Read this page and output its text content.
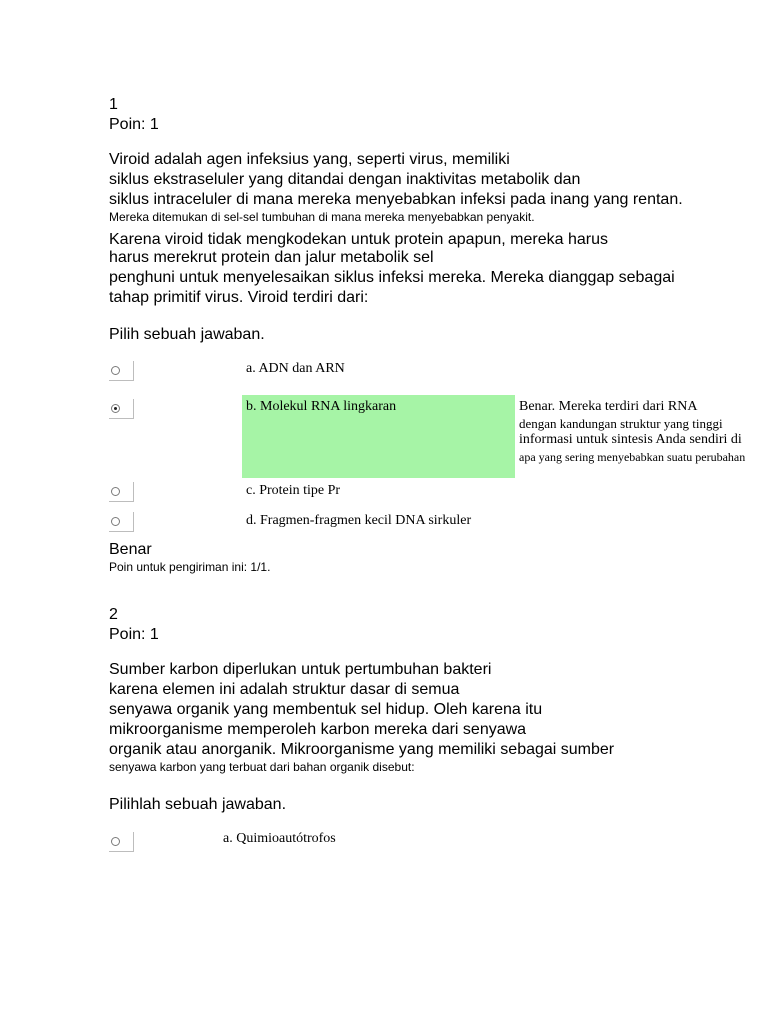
1
Poin: 1
Viroid adalah agen infeksius yang, seperti virus, memiliki
siklus ekstraseluler yang ditandai dengan inaktivitas metabolik dan
siklus intraceluler di mana mereka menyebabkan infeksi pada inang yang rentan.
Mereka ditemukan di sel-sel tumbuhan di mana mereka menyebabkan penyakit.
Karena viroid tidak mengkodekan untuk protein apapun, mereka harus
harus merekrut protein dan jalur metabolik sel
penghuni untuk menyelesaikan siklus infeksi mereka. Mereka dianggap sebagai
tahap primitif virus. Viroid terdiri dari:
Pilih sebuah jawaban.
a. ADN dan ARN
b. Molekul RNA lingkaran	Benar. Mereka terdiri dari RNA
dengan kandungan struktur yang tinggi
informasi untuk sintesis Anda sendiri di
apa yang sering menyebabkan suatu perubahan
c. Protein tipe Pr
d. Fragmen-fragmen kecil DNA sirkuler
Benar
Poin untuk pengiriman ini: 1/1.
2
Poin: 1
Sumber karbon diperlukan untuk pertumbuhan bakteri
karena elemen ini adalah struktur dasar di semua
senyawa organik yang membentuk sel hidup. Oleh karena itu
mikroorganisme memperoleh karbon mereka dari senyawa
organik atau anorganik. Mikroorganisme yang memiliki sebagai sumber
senyawa karbon yang terbuat dari bahan organik disebut:
Pilihlah sebuah jawaban.
a. Quimioautótrofos
